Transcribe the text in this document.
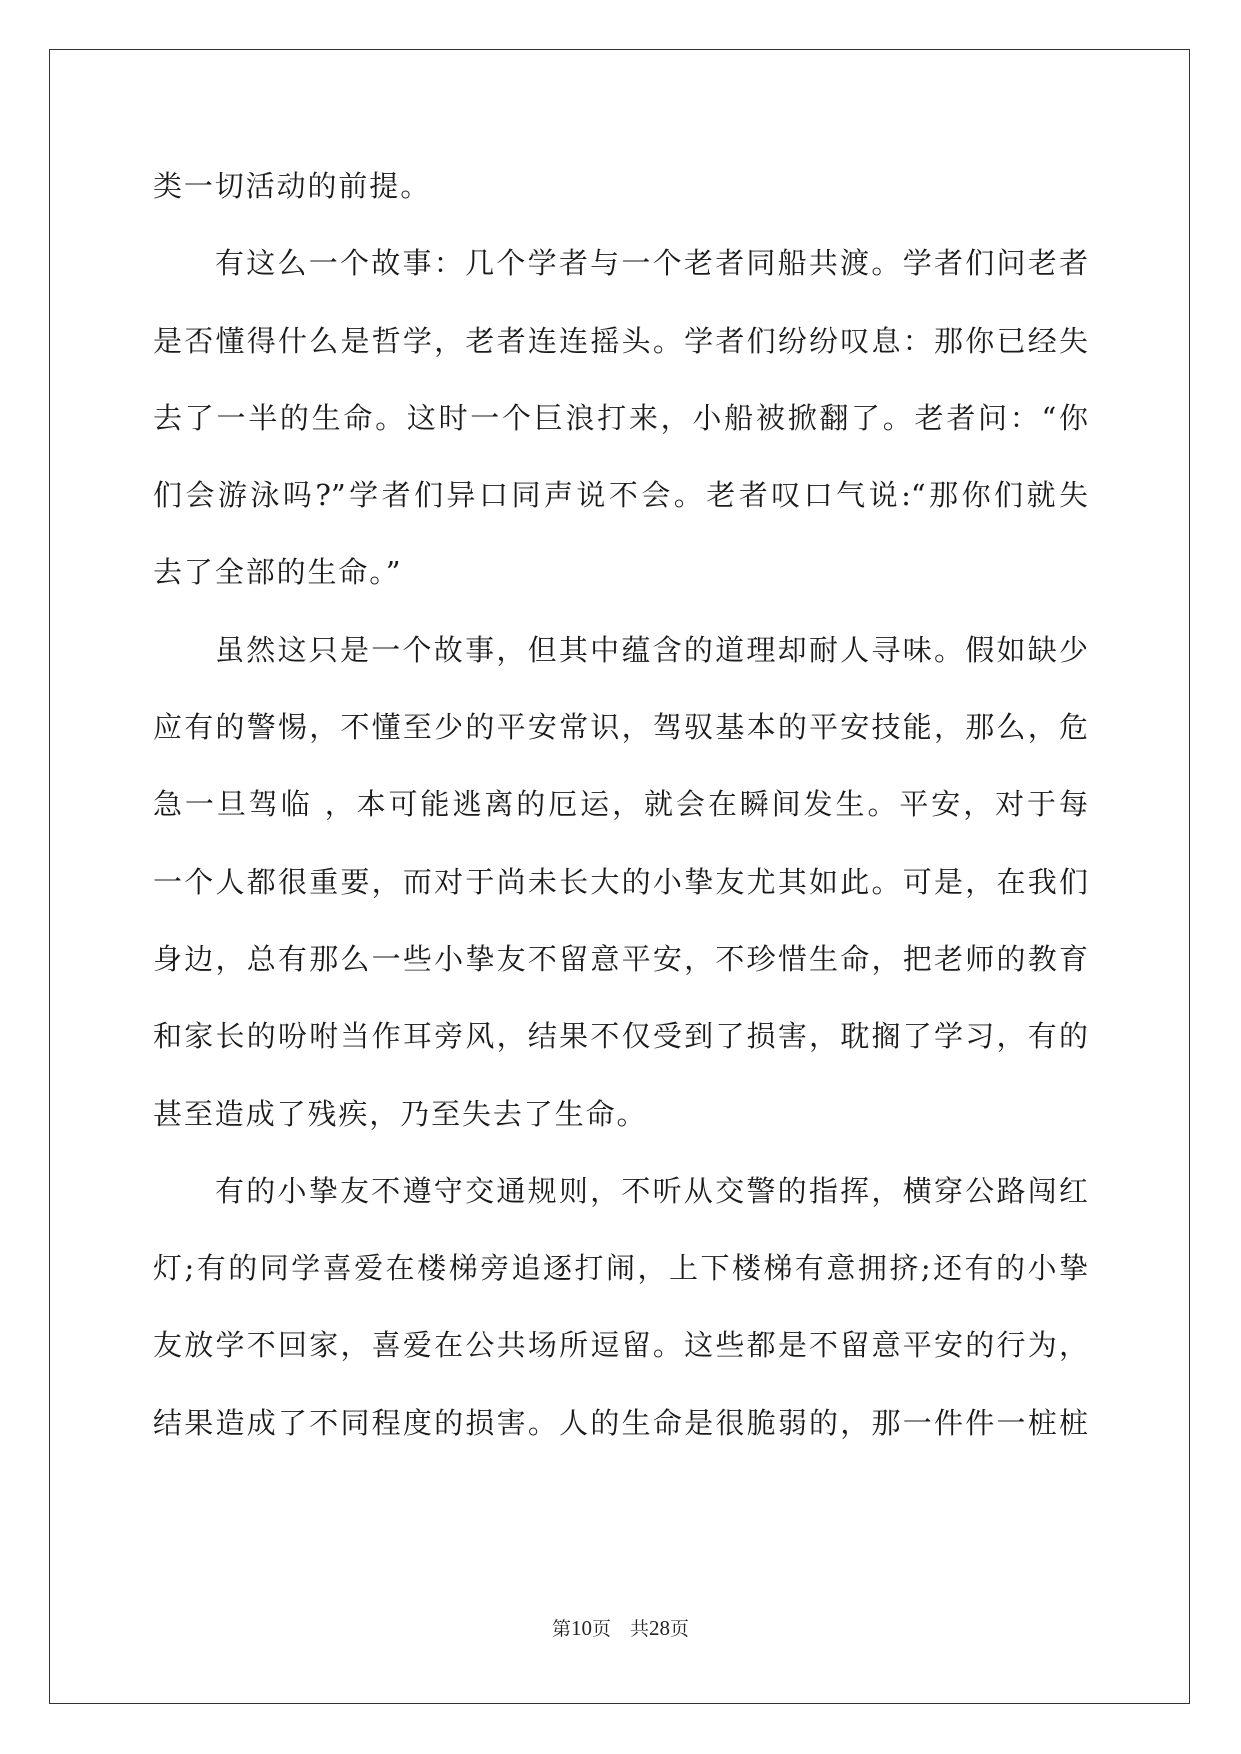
类一切活动的前提。
有这么一个故事：几个学者与一个老者同船共渡。学者们问老者
是否懂得什么是哲学，老者连连摇头。学者们纷纷叹息：那你已经失
去了一半的生命。这时一个巨浪打来，小船被掀翻了。老者问：“你
们会游泳吗?”学者们异口同声说不会。老者叹口气说:“那你们就失
去了全部的生命。”
虽然这只是一个故事，但其中蕴含的道理却耐人寻味。假如缺少
应有的警惕，不懂至少的平安常识，驾驭基本的平安技能，那么，危
急一旦驾临 ，本可能逃离的厄运，就会在瞬间发生。平安，对于每
一个人都很重要，而对于尚未长大的小挚友尤其如此。可是，在我们
身边，总有那么一些小挚友不留意平安，不珍惜生命，把老师的教育
和家长的吩咐当作耳旁风，结果不仅受到了损害，耽搁了学习，有的
甚至造成了残疾，乃至失去了生命。
有的小挚友不遵守交通规则，不听从交警的指挥，横穿公路闯红
灯;有的同学喜爱在楼梯旁追逐打闹，上下楼梯有意拥挤;还有的小挚
友放学不回家，喜爱在公共场所逗留。这些都是不留意平安的行为，
结果造成了不同程度的损害。人的生命是很脆弱的，那一件件一桩桩
第10页　共28页
